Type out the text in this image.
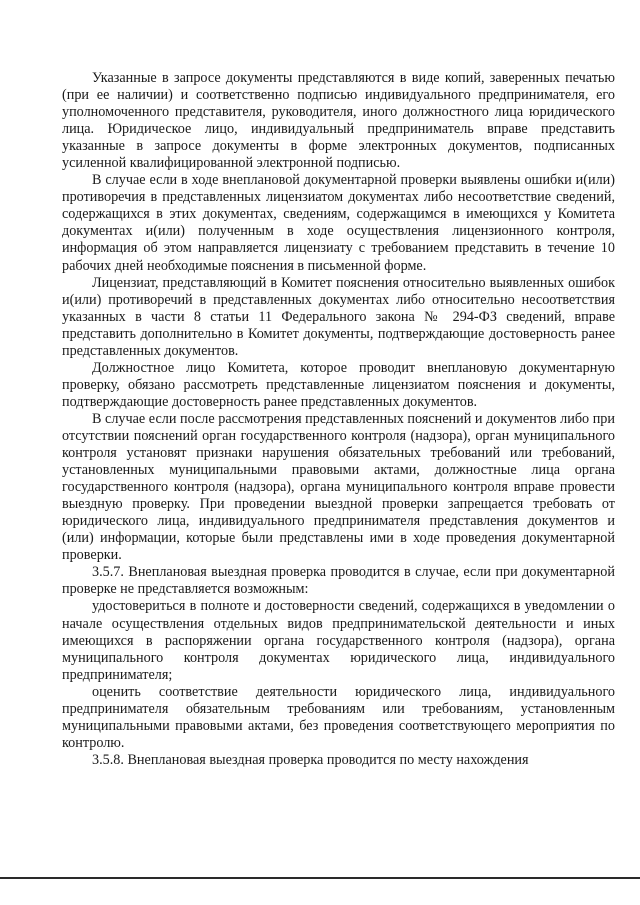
Указанные в запросе документы представляются в виде копий, заверенных печатью (при ее наличии) и соответственно подписью индивидуального предпринимателя, его уполномоченного представителя, руководителя, иного должностного лица юридического лица. Юридическое лицо, индивидуальный предприниматель вправе представить указанные в запросе документы в форме электронных документов, подписанных усиленной квалифицированной электронной подписью.

В случае если в ходе внеплановой документарной проверки выявлены ошибки и(или) противоречия в представленных лицензиатом документах либо несоответствие сведений, содержащихся в этих документах, сведениям, содержащимся в имеющихся у Комитета документах и(или) полученным в ходе осуществления лицензионного контроля, информация об этом направляется лицензиату с требованием представить в течение 10 рабочих дней необходимые пояснения в письменной форме.

Лицензиат, представляющий в Комитет пояснения относительно выявленных ошибок и(или) противоречий в представленных документах либо относительно несоответствия указанных в части 8 статьи 11 Федерального закона № 294-ФЗ сведений, вправе представить дополнительно в Комитет документы, подтверждающие достоверность ранее представленных документов.

Должностное лицо Комитета, которое проводит внеплановую документарную проверку, обязано рассмотреть представленные лицензиатом пояснения и документы, подтверждающие достоверность ранее представленных документов.

В случае если после рассмотрения представленных пояснений и документов либо при отсутствии пояснений орган государственного контроля (надзора), орган муниципального контроля установят признаки нарушения обязательных требований или требований, установленных муниципальными правовыми актами, должностные лица органа государственного контроля (надзора), органа муниципального контроля вправе провести выездную проверку. При проведении выездной проверки запрещается требовать от юридического лица, индивидуального предпринимателя представления документов и (или) информации, которые были представлены ими в ходе проведения документарной проверки.

3.5.7. Внеплановая выездная проверка проводится в случае, если при документарной проверке не представляется возможным:

удостовериться в полноте и достоверности сведений, содержащихся в уведомлении о начале осуществления отдельных видов предпринимательской деятельности и иных имеющихся в распоряжении органа государственного контроля (надзора), органа муниципального контроля документах юридического лица, индивидуального предпринимателя;

оценить соответствие деятельности юридического лица, индивидуального предпринимателя обязательным требованиям или требованиям, установленным муниципальными правовыми актами, без проведения соответствующего мероприятия по контролю.

3.5.8. Внеплановая выездная проверка проводится по месту нахождения
